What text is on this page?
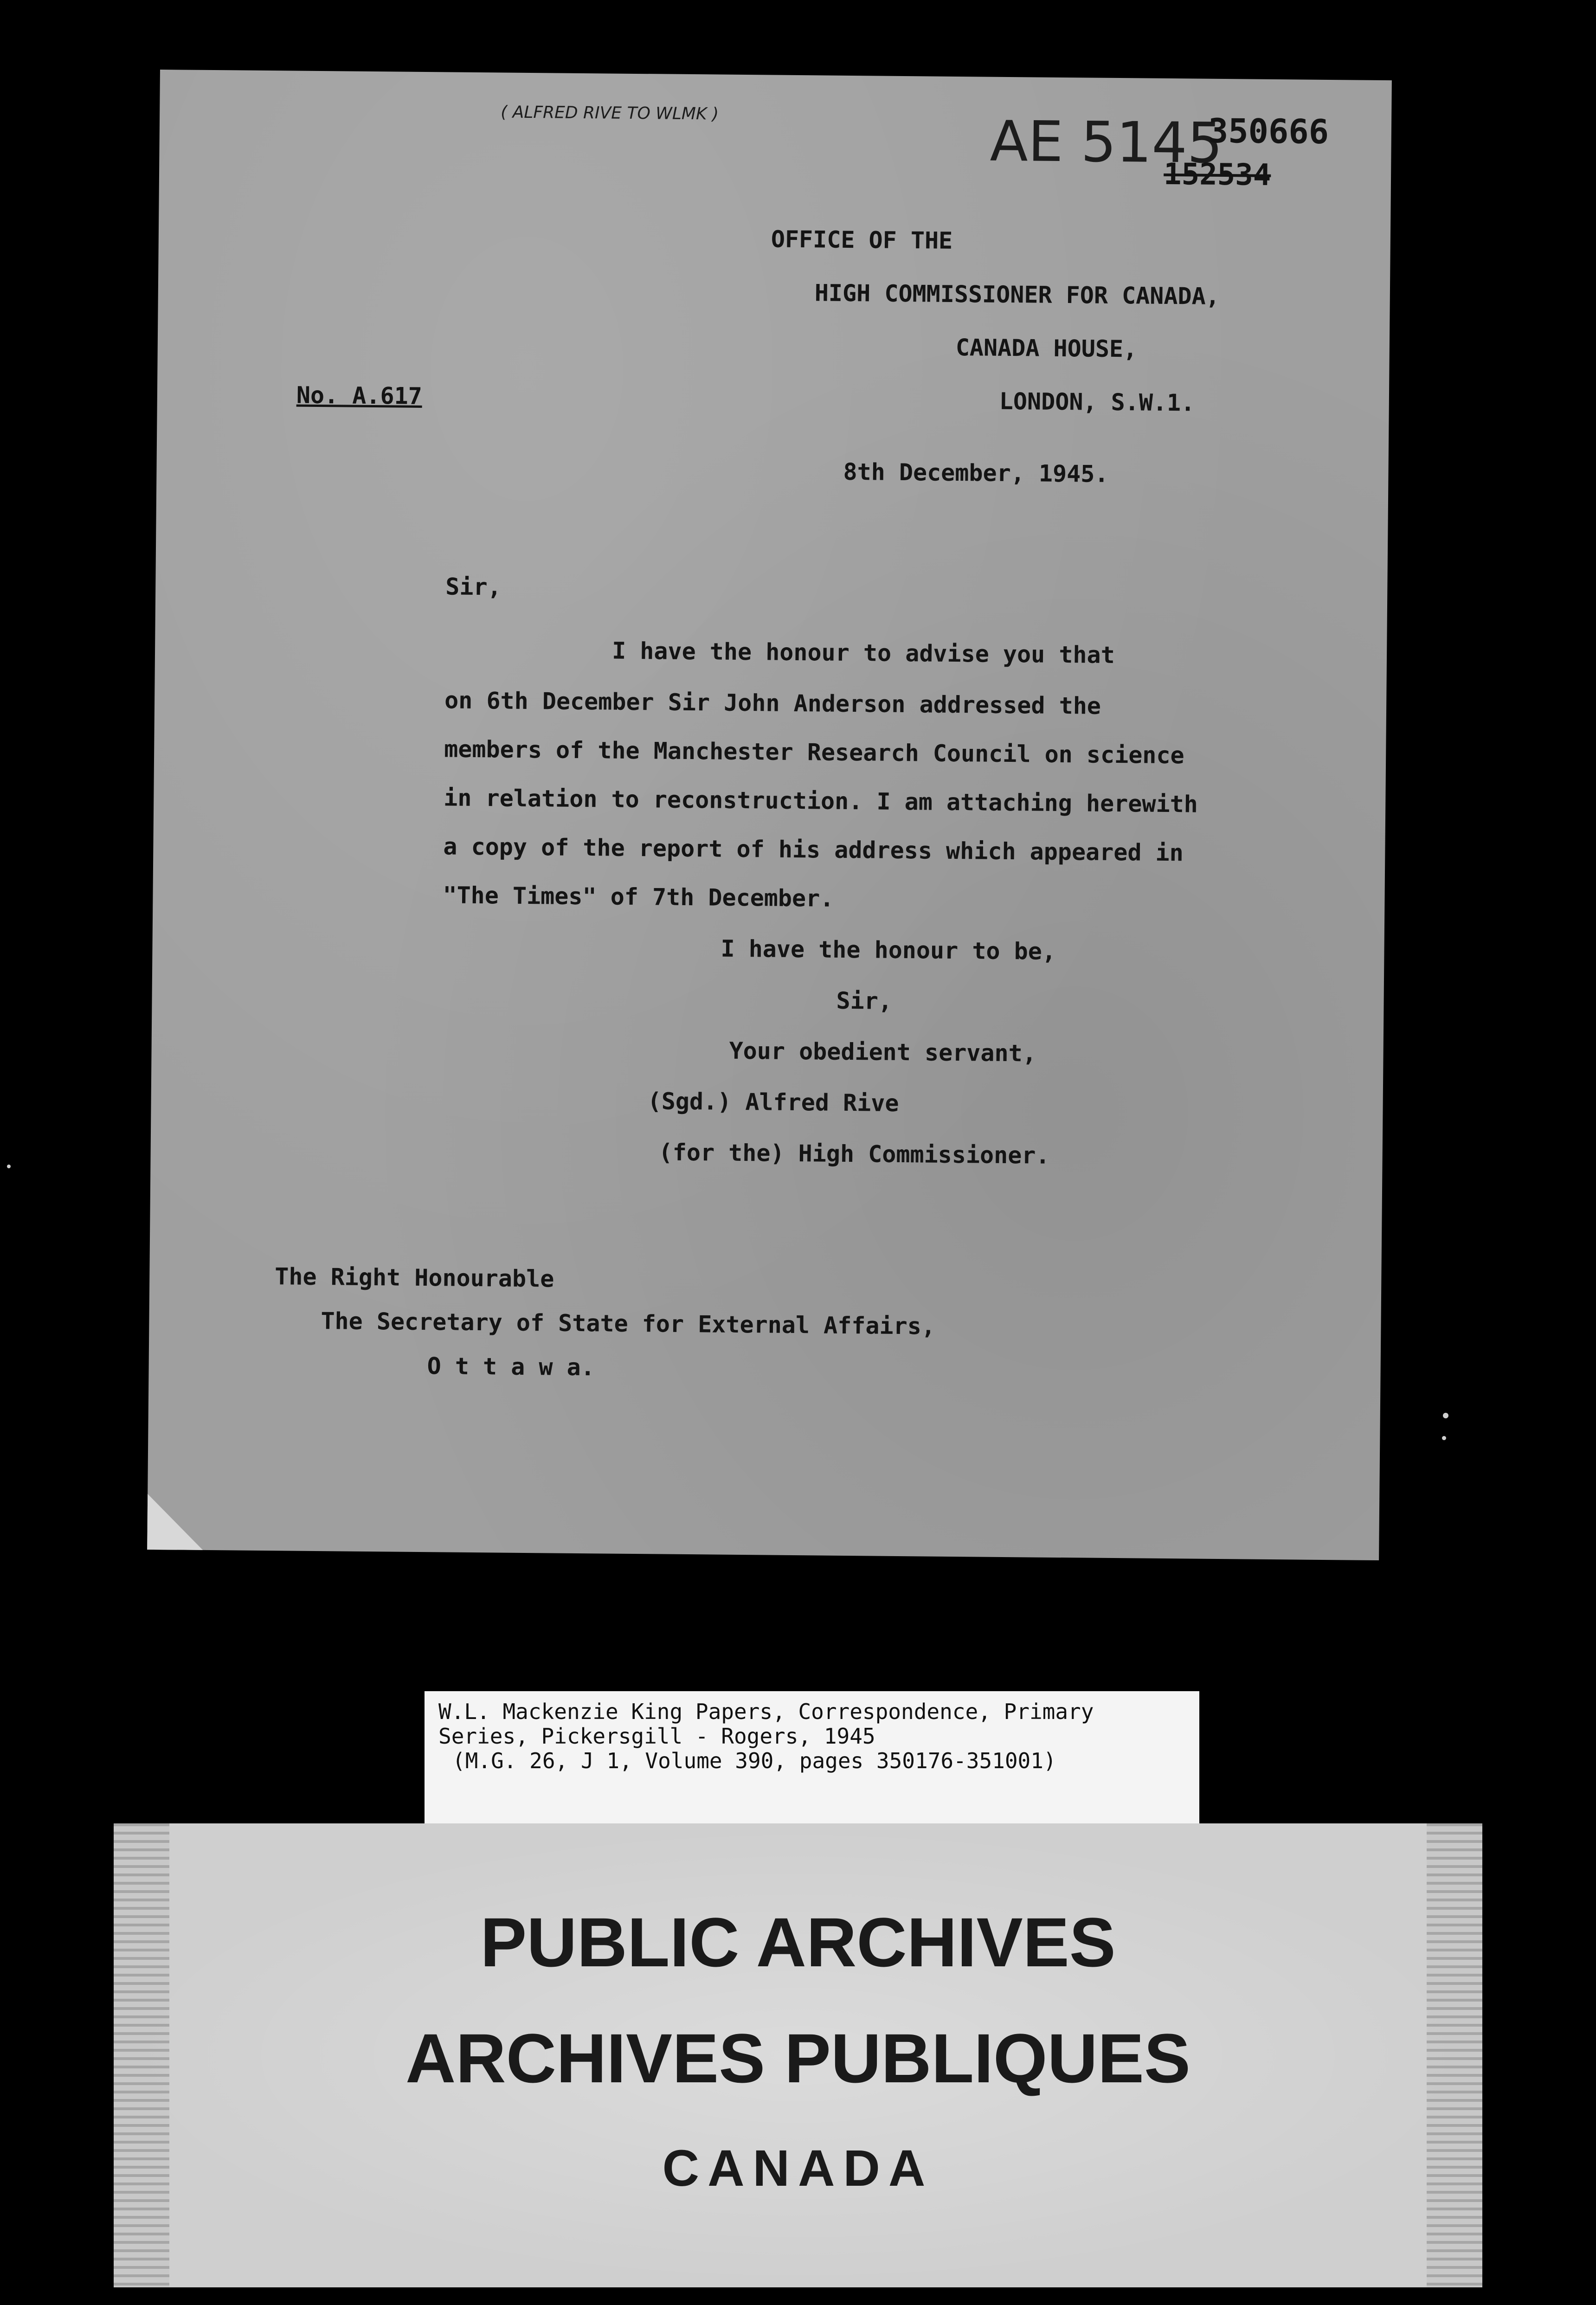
( ALFRED RIVE TO WLMK )	AE 5145
350666
152534
OFFICE OF THE
HIGH COMMISSIONER FOR CANADA,
CANADA HOUSE,
LONDON, S.W.1.
No. A.617
8th December, 1945.
Sir,
I have the honour to advise you that
on 6th December Sir John Anderson addressed the
members of the Manchester Research Council on science
in relation to reconstruction. I am attaching herewith
a copy of the report of his address which appeared in
"The Times" of 7th December.
I have the honour to be,
Sir,
Your obedient servant,
(Sgd.) Alfred Rive
(for the) High Commissioner.
The Right Honourable
The Secretary of State for External Affairs,
O t t a w a.
W.L. Mackenzie King Papers, Correspondence, Primary
Series, Pickersgill - Rogers, 1945
(M.G. 26, J 1, Volume 390, pages 350176-351001)
PUBLIC ARCHIVES
ARCHIVES PUBLIQUES
CANADA
